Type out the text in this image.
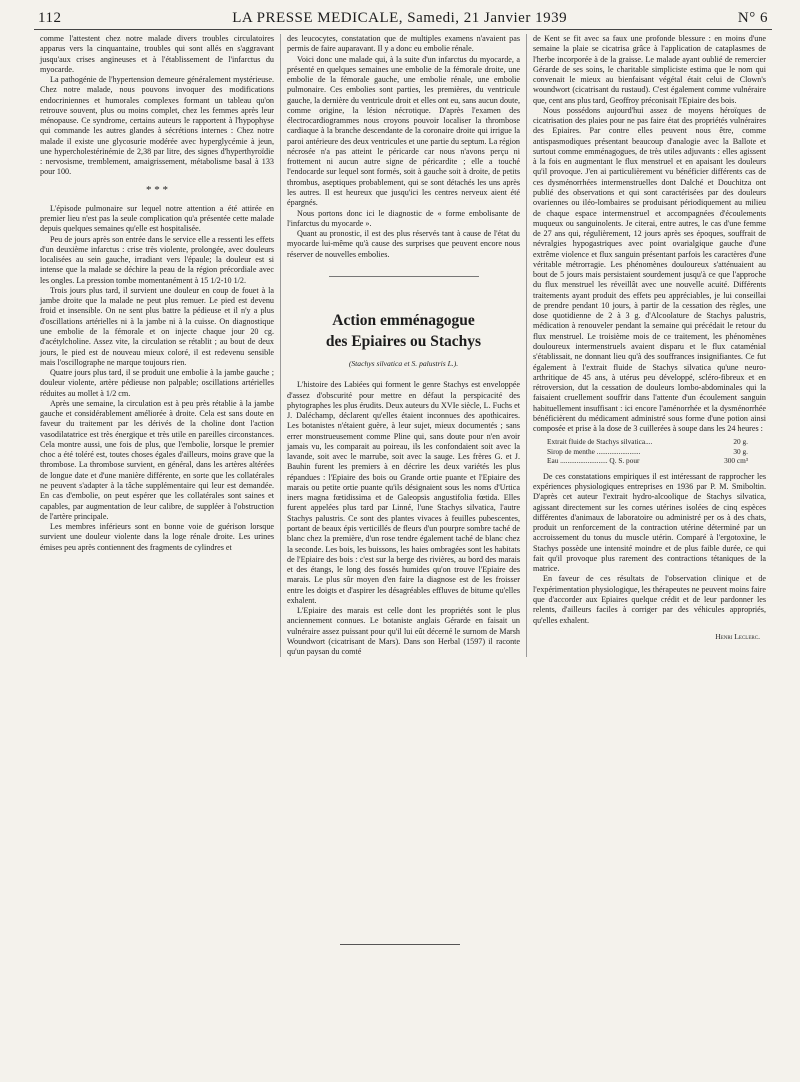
112	LA PRESSE MEDICALE, Samedi, 21 Janvier 1939	N° 6

comme l'attestent chez notre malade divers troubles circulatoires apparus vers la cinquantaine, troubles qui sont allés en s'aggravant jusqu'aux crises angineuses et à l'établissement de l'infarctus du myocarde.

La pathogénie de l'hypertension demeure généralement mystérieuse. Chez notre malade, nous pouvons invoquer des modifications endocriniennes et humorales complexes formant un tableau qu'on retrouve souvent, plus ou moins complet, chez les femmes après leur ménopause. Ce syndrome, certains auteurs le rapportent à l'hypophyse qui commande les autres glandes à sécrétions internes : Chez notre malade il existe une glycosurie modérée avec hyperglycémie à jeun, une hypercholestérinémie de 2,38 par litre, des signes d'hyperthyroïdie : nervosisme, tremblement, amaigrissement, métabolisme basal à 133 pour 100.

* * *

L'épisode pulmonaire sur lequel notre attention a été attirée en premier lieu n'est pas la seule complication qu'a présentée cette malade depuis quelques semaines qu'elle est hospitalisée.

Peu de jours après son entrée dans le service elle a ressenti les effets d'un deuxième infarctus : crise très violente, prolongée, avec douleurs localisées au sein gauche, irradiant vers l'épaule; la douleur est si intense que la malade se déchire la peau de la région précordiale avec les ongles. La pression tombe momentanément à 15 1/2-10 1/2.

Trois jours plus tard, il survient une douleur en coup de fouet à la jambe droite que la malade ne peut plus remuer. Le pied est devenu froid et insensible. On ne sent plus battre la pédieuse et il n'y a plus d'oscillations artérielles ni à la jambe ni à la cuisse. On diagnostique une embolie de la fémorale et on injecte chaque jour 20 cg. d'acétylcholine. Assez vite, la circulation se rétablit ; au bout de deux jours, le pied est de nouveau mieux coloré, il est redevenu sensible mais l'oscillographe ne marque toujours rien.

Quatre jours plus tard, il se produit une embolie à la jambe gauche ; douleur violente, artère pédieuse non palpable; oscillations artérielles réduites au mollet à 1/2 cm.

Après une semaine, la circulation est à peu près rétablie à la jambe gauche et considérablement améliorée à droite. Cela est sans doute en faveur du traitement par les dérivés de la choline dont l'action vasodilatatrice est très énergique et très utile en pareilles circonstances. Cela montre aussi, une fois de plus, que l'embolie, lorsque le premier choc a été toléré est, toutes choses égales d'ailleurs, moins grave que la thrombose. La thrombose survient, en général, dans les artères altérées de longue date et d'une manière différente, en sorte que les collatérales ne peuvent s'adapter à la tâche supplémentaire qui leur est demandée. En cas d'embolie, on peut espérer que les collatérales sont saines et capables, par augmentation de leur calibre, de suppléer à l'obstruction de l'artère principale.

Les membres inférieurs sont en bonne voie de guérison lorsque survient une douleur violente dans la loge rénale droite. Les urines émises peu après contiennent des fragments de cylindres et

des leucocytes, constatation que de multiples examens n'avaient pas permis de faire auparavant. Il y a donc eu embolie rénale.

Voici donc une malade qui, à la suite d'un infarctus du myocarde, a présenté en quelques semaines une embolie de la fémorale droite, une embolie de la fémorale gauche, une embolie rénale, une embolie pulmonaire. Ces embolies sont parties, les premières, du ventricule gauche, la dernière du ventricule droit et elles ont eu, sans aucun doute, comme origine, la lésion nécrotique. D'après l'examen des électrocardiogrammes nous croyons pouvoir localiser la thrombose cardiaque à la branche descendante de la coronaire droite qui irrigue la paroi antérieure des deux ventricules et une partie du septum. La région nécrosée n'a pas atteint le péricarde car nous n'avons perçu ni frottement ni aucun autre signe de péricardite ; elle a touché l'endocarde sur lequel sont formés, soit à gauche soit à droite, de petits thrombus, aseptiques probablement, qui se sont détachés les uns après les autres. Il est heureux que jusqu'ici les centres nerveux aient été épargnés.

Nous portons donc ici le diagnostic de « forme embolisante de l'infarctus du myocarde ».

Quant au pronostic, il est des plus réservés tant à cause de l'état du myocarde lui-même qu'à cause des surprises que peuvent encore nous réserver de nouvelles embolies.

Action emménagogue
des Epiaires ou Stachys
(Stachys silvatica et S. palustris L.).

L'histoire des Labiées qui forment le genre Stachys est enveloppée d'assez d'obscurité pour mettre en défaut la perspicacité des phytographes les plus érudits. Deux auteurs du XVIe siècle, L. Fuchs et J. Daléchamp, déclarent qu'elles étaient inconnues des apothicaires. Les botanistes n'étaient guère, à leur sujet, mieux documentés ; sans errer monstrueusement comme Pline qui, sans doute pour n'en avoir jamais vu, les comparait au poireau, ils les confondaient soit avec la lavande, soit avec le marrube, soit avec la sauge. Les frères G. et J. Bauhin furent les premiers à en décrire les deux variétés les plus répandues : l'Epiaire des bois ou Grande ortie puante et l'Epiaire des marais ou petite ortie puante qu'ils désignaient sous les noms d'Urtica iners magna fœtidissima et de Galeopsis angustifolia fœtida. Elles furent appelées plus tard par Linné, l'une Stachys silvatica, l'autre Stachys palustris. Ce sont des plantes vivaces à feuilles pubescentes, portant de beaux épis verticillés de fleurs d'un pourpre sombre taché de blanc chez la première, d'un rose tendre également taché de blanc chez la seconde. Les bois, les buissons, les haies ombragées sont les habitats de l'Epiaire des bois : c'est sur la berge des rivières, au bord des marais et des étangs, le long des fossés humides qu'on trouve l'Epiaire des marais. Le plus sûr moyen d'en faire la diagnose est de les froisser entre les doigts et d'aspirer les désagréables effluves de bitume qu'elles exhalent.

L'Epiaire des marais est celle dont les propriétés sont le plus anciennement connues. Le botaniste anglais Gérarde en faisait un vulnéraire assez puissant pour qu'il lui eût décerné le surnom de Marsh Woundwort (cicatrisant de Mars). Dans son Herbal (1597) il raconte qu'un paysan du comté

de Kent se fit avec sa faux une profonde blessure : en moins d'une semaine la plaie se cicatrisa grâce à l'application de cataplasmes de l'herbe incorporée à de la graisse. Le malade ayant oublié de remercier Gérarde de ses soins, le charitable simpliciste estima que le nom qui convenait le mieux au bienfaisant végétal était celui de Clown's woundwort (cicatrisant du rustaud). C'est également comme vulnéraire que, cent ans plus tard, Geoffroy préconisait l'Epiaire des bois.

Nous possédons aujourd'hui assez de moyens héroïques de cicatrisation des plaies pour ne pas faire état des propriétés vulnéraires des Epiaires. Par contre elles peuvent nous être, comme antispasmodiques présentant beaucoup d'analogie avec la Ballote et surtout comme emménagogues, de très utiles adjuvants : elles agissent à la fois en augmentant le flux menstruel et en apaisant les douleurs qu'il provoque. J'en ai particulièrement vu bénéficier différents cas de ces dysménorrhées intermenstruelles dont Dalché et Douchitza ont publié des observations et qui sont caractérisées par des douleurs ovariennes ou iléo-lombaires se produisant périodiquement au milieu de chaque espace intermenstruel et accompagnées d'écoulements muqueux ou sanguinolents. Je citerai, entre autres, le cas d'une femme de 27 ans qui, régulièrement, 12 jours après ses époques, souffrait de névralgies hypogastriques avec point ovarialgique gauche d'une extrême violence et flux sanguin présentant parfois les caractères d'une véritable métrorragie. Les phénomènes douloureux s'atténuaient au bout de 5 jours mais persistaient sourdement jusqu'à ce que l'approche du flux menstruel les réveillât avec une nouvelle acuité. Différents traitements ayant produit des effets peu appréciables, je lui conseillai de prendre pendant 10 jours, à partir de la cessation des règles, une dose quotidienne de 2 à 3 g. d'Alcoolature de Stachys palustris, médication à renouveler pendant la semaine qui précédait le retour du flux menstruel. Le troisième mois de ce traitement, les phénomènes douloureux intermenstruels avaient disparu et le flux cataménial s'établissait, ne donnant lieu qu'à des souffrances insignifiantes. Ce fut également à l'extrait fluide de Stachys silvatica qu'une neuro-arthritique de 45 ans, à utérus peu développé, scléro-fibreux et en rétroversion, dut la cessation de douleurs lombo-abdominales qui la faisaient cruellement souffrir dans l'attente d'un écoulement sanguin habituellement insuffisant : ici encore l'aménorrhée et la dysménorrhée bénéficièrent du médicament administré sous forme d'une potion ainsi composée et prise à la dose de 3 cuillerées à soupe dans les 24 heures :

Extrait fluide de Stachys silvatica....	20 g.
Sirop de menthe ........................	30 g.
Eau .......................... Q. S. pour	300 cm³

De ces constatations empiriques il est intéressant de rapprocher les expériences physiologiques entreprises en 1936 par P. M. Smiboltin. D'après cet auteur l'extrait hydro-alcoolique de Stachys silvatica, agissant directement sur les cornes utérines isolées de cinq espèces différentes d'animaux de laboratoire ou administré per os à des chats, produit un renforcement de la contraction utérine déterminé par un accroissement du tonus du muscle utérin. Comparé à l'ergotoxine, le Stachys possède une intensité moindre et de plus faible durée, ce qui fait qu'il provoque plus rarement des contractions tétaniques de la matrice.

En faveur de ces résultats de l'observation clinique et de l'expérimentation physiologique, les thérapeutes ne peuvent moins faire que d'accorder aux Epiaires quelque crédit et de leur pardonner les relents, d'ailleurs faciles à corriger par des véhicules appropriés, qu'elles exhalent.

Henri Leclerc.
